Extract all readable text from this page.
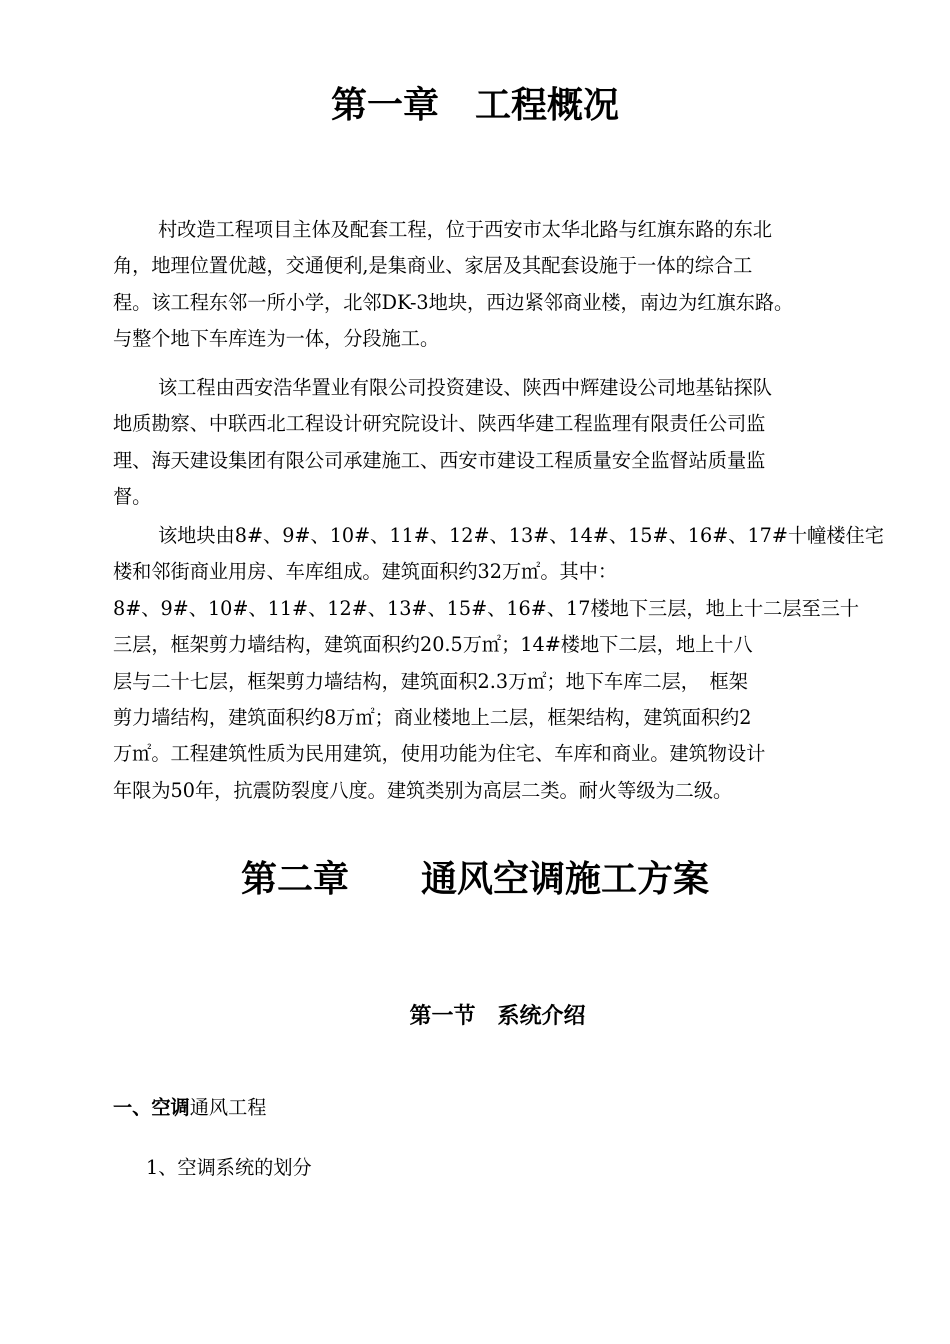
第一章　工程概况
村改造工程项目主体及配套工程，位于西安市太华北路与红旗东路的东北
角，地理位置优越，交通便利,是集商业、家居及其配套设施于一体的综合工
程。该工程东邻一所小学，北邻DK-3地块，西边紧邻商业楼，南边为红旗东路。
与整个地下车库连为一体，分段施工。
该工程由西安浩华置业有限公司投资建设、陕西中辉建设公司地基钻探队
地质勘察、中联西北工程设计研究院设计、陕西华建工程监理有限责任公司监
理、海天建设集团有限公司承建施工、西安市建设工程质量安全监督站质量监
督。
该地块由8#、9#、10#、11#、12#、13#、14#、15#、16#、17#十幢楼住宅
楼和邻街商业用房、车库组成。建筑面积约32万㎡。其中：
8#、9#、10#、11#、12#、13#、15#、16#、17楼地下三层，地上十二层至三十
三层，框架剪力墙结构，建筑面积约20.5万㎡；14#楼地下二层，地上十八
层与二十七层，框架剪力墙结构，建筑面积2.3万㎡；地下车库二层，　框架
剪力墙结构，建筑面积约8万㎡；商业楼地上二层，框架结构，建筑面积约2
万㎡。工程建筑性质为民用建筑，使用功能为住宅、车库和商业。建筑物设计
年限为50年，抗震防裂度八度。建筑类别为高层二类。耐火等级为二级。
第二章　　通风空调施工方案
第一节　系统介绍

一、空调通风工程

1、空调系统的划分
